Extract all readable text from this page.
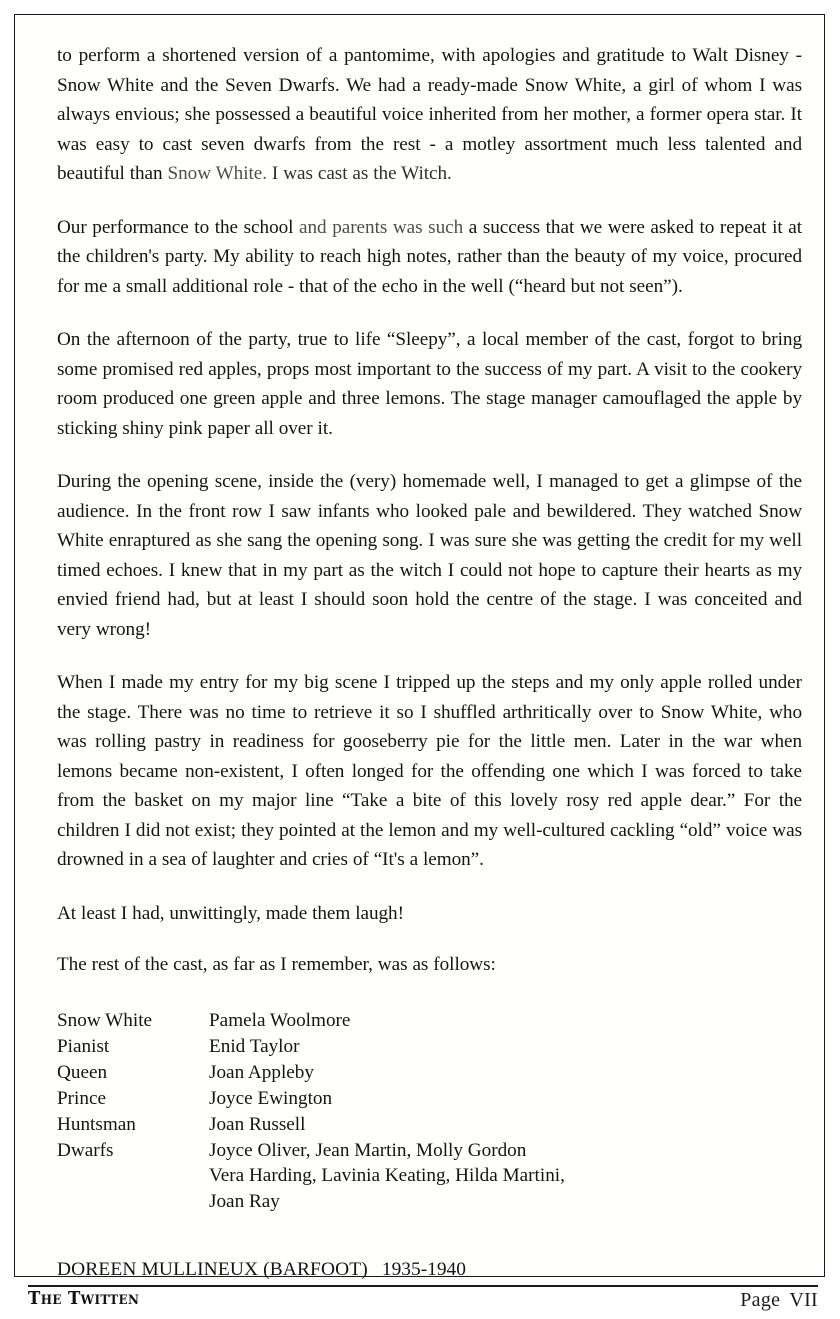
to perform a shortened version of a pantomime, with apologies and gratitude to Walt Disney - Snow White and the Seven Dwarfs. We had a ready-made Snow White, a girl of whom I was always envious; she possessed a beautiful voice inherited from her mother, a former opera star. It was easy to cast seven dwarfs from the rest - a motley assortment much less talented and beautiful than Snow White. I was cast as the Witch.

Our performance to the school and parents was such a success that we were asked to repeat it at the children's party. My ability to reach high notes, rather than the beauty of my voice, procured for me a small additional role - that of the echo in the well (“heard but not seen”).

On the afternoon of the party, true to life “Sleepy”, a local member of the cast, forgot to bring some promised red apples, props most important to the success of my part. A visit to the cookery room produced one green apple and three lemons. The stage manager camouflaged the apple by sticking shiny pink paper all over it.

During the opening scene, inside the (very) homemade well, I managed to get a glimpse of the audience. In the front row I saw infants who looked pale and bewildered. They watched Snow White enraptured as she sang the opening song. I was sure she was getting the credit for my well timed echoes. I knew that in my part as the witch I could not hope to capture their hearts as my envied friend had, but at least I should soon hold the centre of the stage. I was conceited and very wrong!

When I made my entry for my big scene I tripped up the steps and my only apple rolled under the stage. There was no time to retrieve it so I shuffled arthritically over to Snow White, who was rolling pastry in readiness for gooseberry pie for the little men. Later in the war when lemons became non-existent, I often longed for the offending one which I was forced to take from the basket on my major line “Take a bite of this lovely rosy red apple dear.” For the children I did not exist; they pointed at the lemon and my well-cultured cackling “old” voice was drowned in a sea of laughter and cries of “It's a lemon”.

At least I had, unwittingly, made them laugh!

The rest of the cast, as far as I remember, was as follows:

Snow White	Pamela Woolmore
Pianist	Enid Taylor
Queen	Joan Appleby
Prince	Joyce Ewington
Huntsman	Joan Russell
Dwarfs	Joyce Oliver, Jean Martin, Molly Gordon
Vera Harding, Lavinia Keating, Hilda Martini,
Joan Ray
DOREEN MULLINEUX (BARFOOT) 1935-1940
The Twitten	Page VII
